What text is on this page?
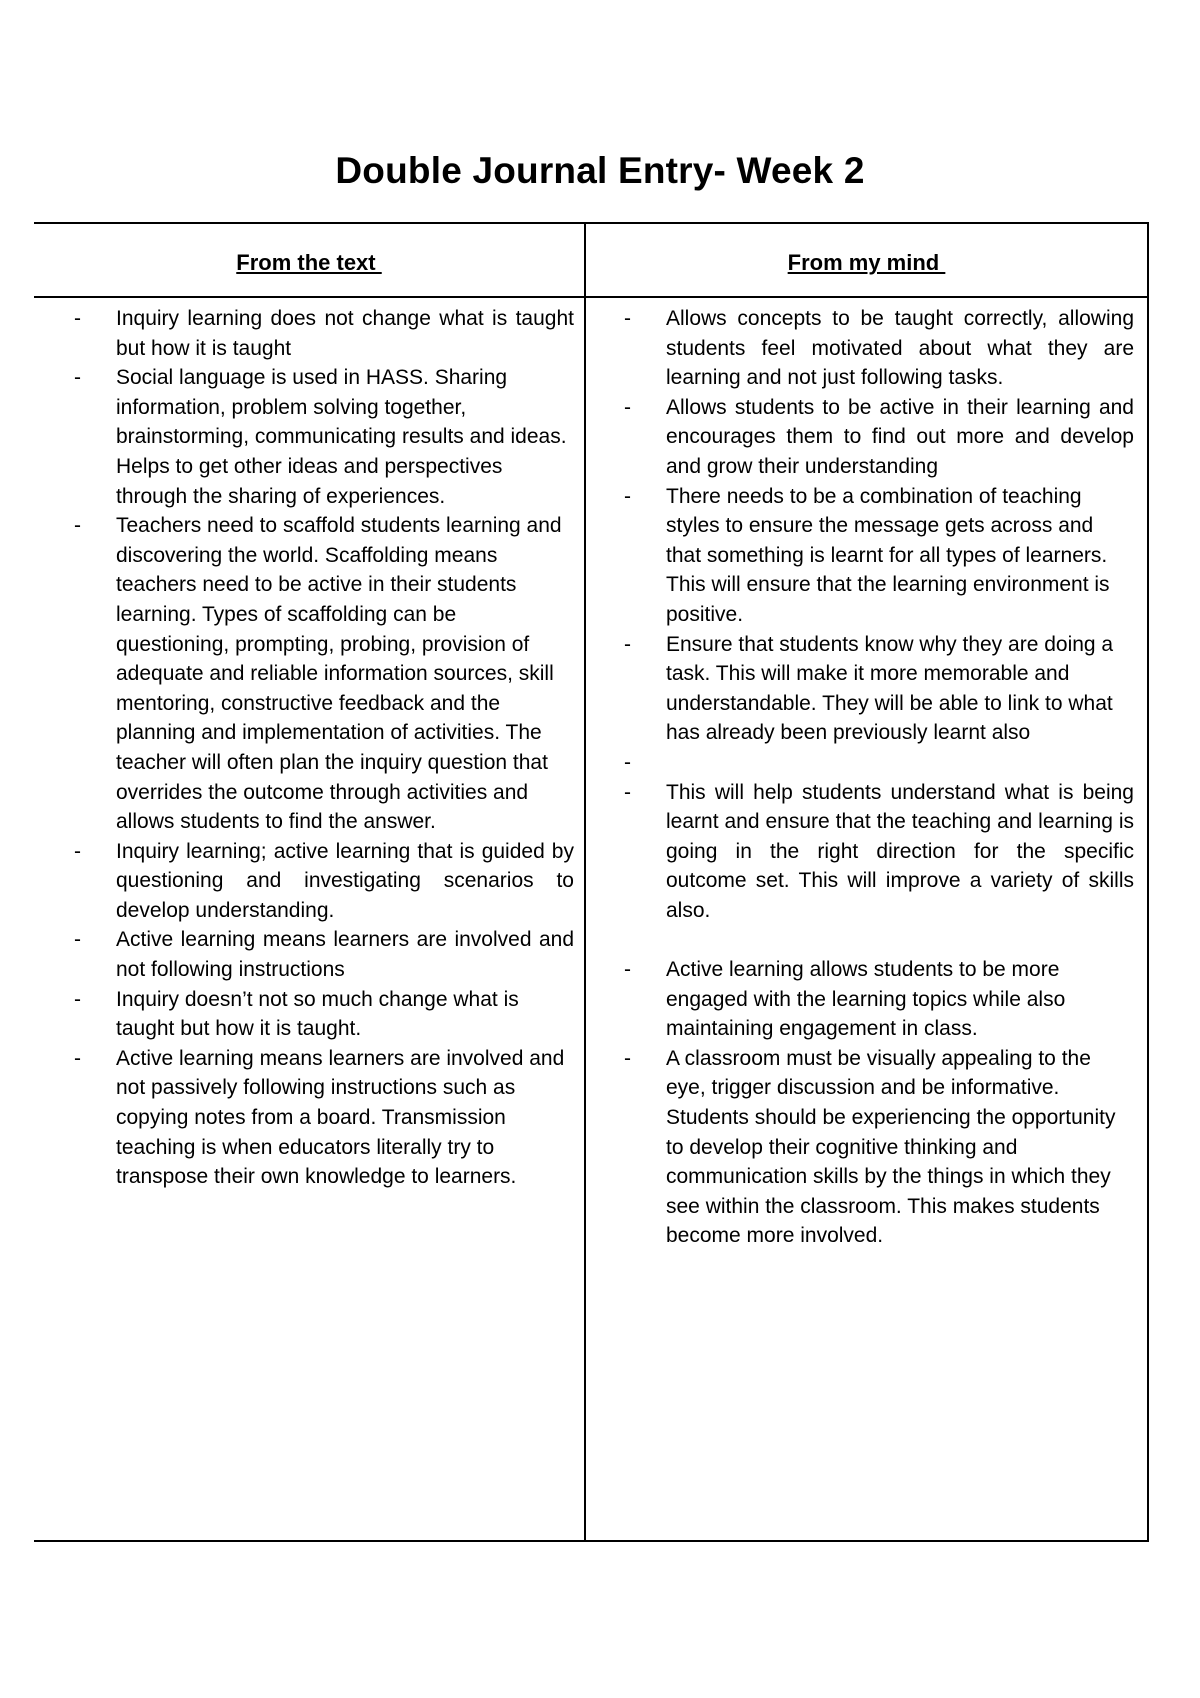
Double Journal Entry- Week 2
From the text	From my mind
- Inquiry learning does not change what is taught but how it is taught
- Social language is used in HASS. Sharing information, problem solving together, brainstorming, communicating results and ideas. Helps to get other ideas and perspectives through the sharing of experiences.
- Teachers need to scaffold students learning and discovering the world. Scaffolding means teachers need to be active in their students learning. Types of scaffolding can be questioning, prompting, probing, provision of adequate and reliable information sources, skill mentoring, constructive feedback and the planning and implementation of activities. The teacher will often plan the inquiry question that overrides the outcome through activities and allows students to find the answer.
- Inquiry learning; active learning that is guided by questioning and investigating scenarios to develop understanding.
- Active learning means learners are involved and not following instructions
- Inquiry doesn’t not so much change what is taught but how it is taught.
- Active learning means learners are involved and not passively following instructions such as copying notes from a board. Transmission teaching is when educators literally try to transpose their own knowledge to learners.
- Allows concepts to be taught correctly, allowing students feel motivated about what they are learning and not just following tasks.
- Allows students to be active in their learning and encourages them to find out more and develop and grow their understanding
- There needs to be a combination of teaching styles to ensure the message gets across and that something is learnt for all types of learners. This will ensure that the learning environment is positive.
- Ensure that students know why they are doing a task. This will make it more memorable and understandable. They will be able to link to what has already been previously learnt also
-
- This will help students understand what is being learnt and ensure that the teaching and learning is going in the right direction for the specific outcome set. This will improve a variety of skills also.
- Active learning allows students to be more engaged with the learning topics while also maintaining engagement in class.
- A classroom must be visually appealing to the eye, trigger discussion and be informative. Students should be experiencing the opportunity to develop their cognitive thinking and communication skills by the things in which they see within the classroom. This makes students become more involved.
